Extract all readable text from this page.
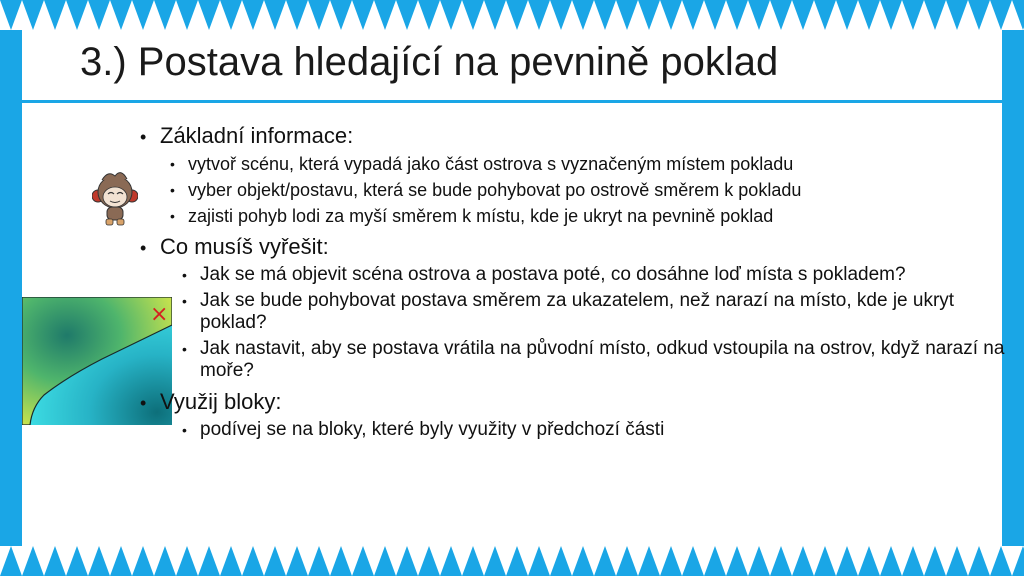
3.) Postava hledající na pevnině poklad
×
• Základní informace:
• vytvoř scénu, která vypadá jako část ostrova s vyznačeným místem pokladu
• vyber objekt/postavu, která se bude pohybovat po ostrově směrem k pokladu
• zajisti pohyb lodi za myší směrem k místu, kde je ukryt na pevnině poklad
• Co musíš vyřešit:
• Jak se má objevit scéna ostrova a postava poté, co dosáhne loď místa s pokladem?
• Jak se bude pohybovat postava směrem za ukazatelem, než narazí na místo, kde je ukryt poklad?
• Jak nastavit, aby se postava vrátila na původní místo, odkud vstoupila na ostrov, když narazí na moře?
• Využij bloky:
• podívej se na bloky, které byly využity v předchozí části
